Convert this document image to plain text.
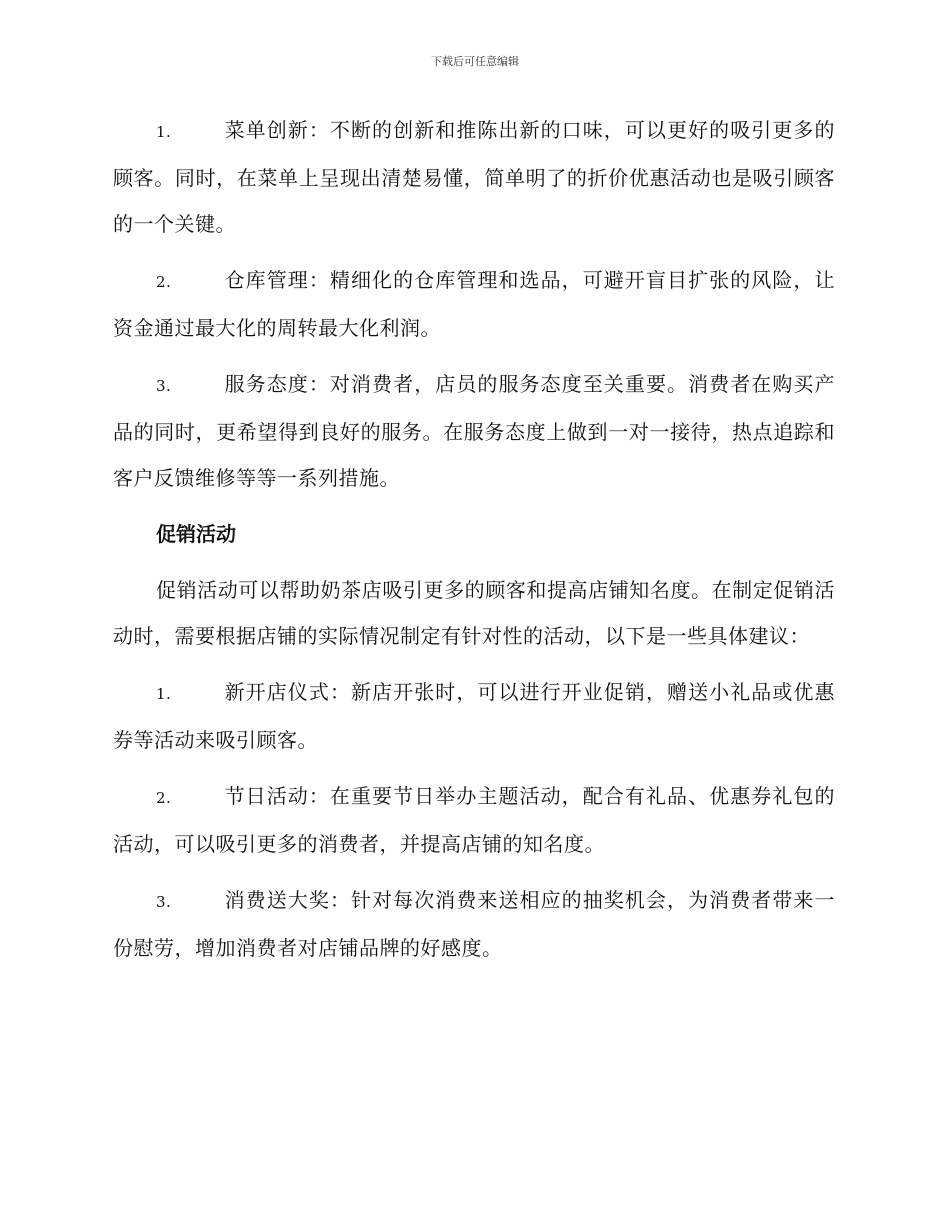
下载后可任意编辑

1.	菜单创新：不断的创新和推陈出新的口味，可以更好的吸引更多的顾客。同时，在菜单上呈现出清楚易懂，简单明了的折价优惠活动也是吸引顾客的一个关键。

2.	仓库管理：精细化的仓库管理和选品，可避开盲目扩张的风险，让资金通过最大化的周转最大化利润。

3.	服务态度：对消费者，店员的服务态度至关重要。消费者在购买产品的同时，更希望得到良好的服务。在服务态度上做到一对一接待，热点追踪和客户反馈维修等等一系列措施。

促销活动

促销活动可以帮助奶茶店吸引更多的顾客和提高店铺知名度。在制定促销活动时，需要根据店铺的实际情况制定有针对性的活动，以下是一些具体建议：

1.	新开店仪式：新店开张时，可以进行开业促销，赠送小礼品或优惠券等活动来吸引顾客。

2.	节日活动：在重要节日举办主题活动，配合有礼品、优惠券礼包的活动，可以吸引更多的消费者，并提高店铺的知名度。

3.	消费送大奖：针对每次消费来送相应的抽奖机会，为消费者带来一份慰劳，增加消费者对店铺品牌的好感度。
